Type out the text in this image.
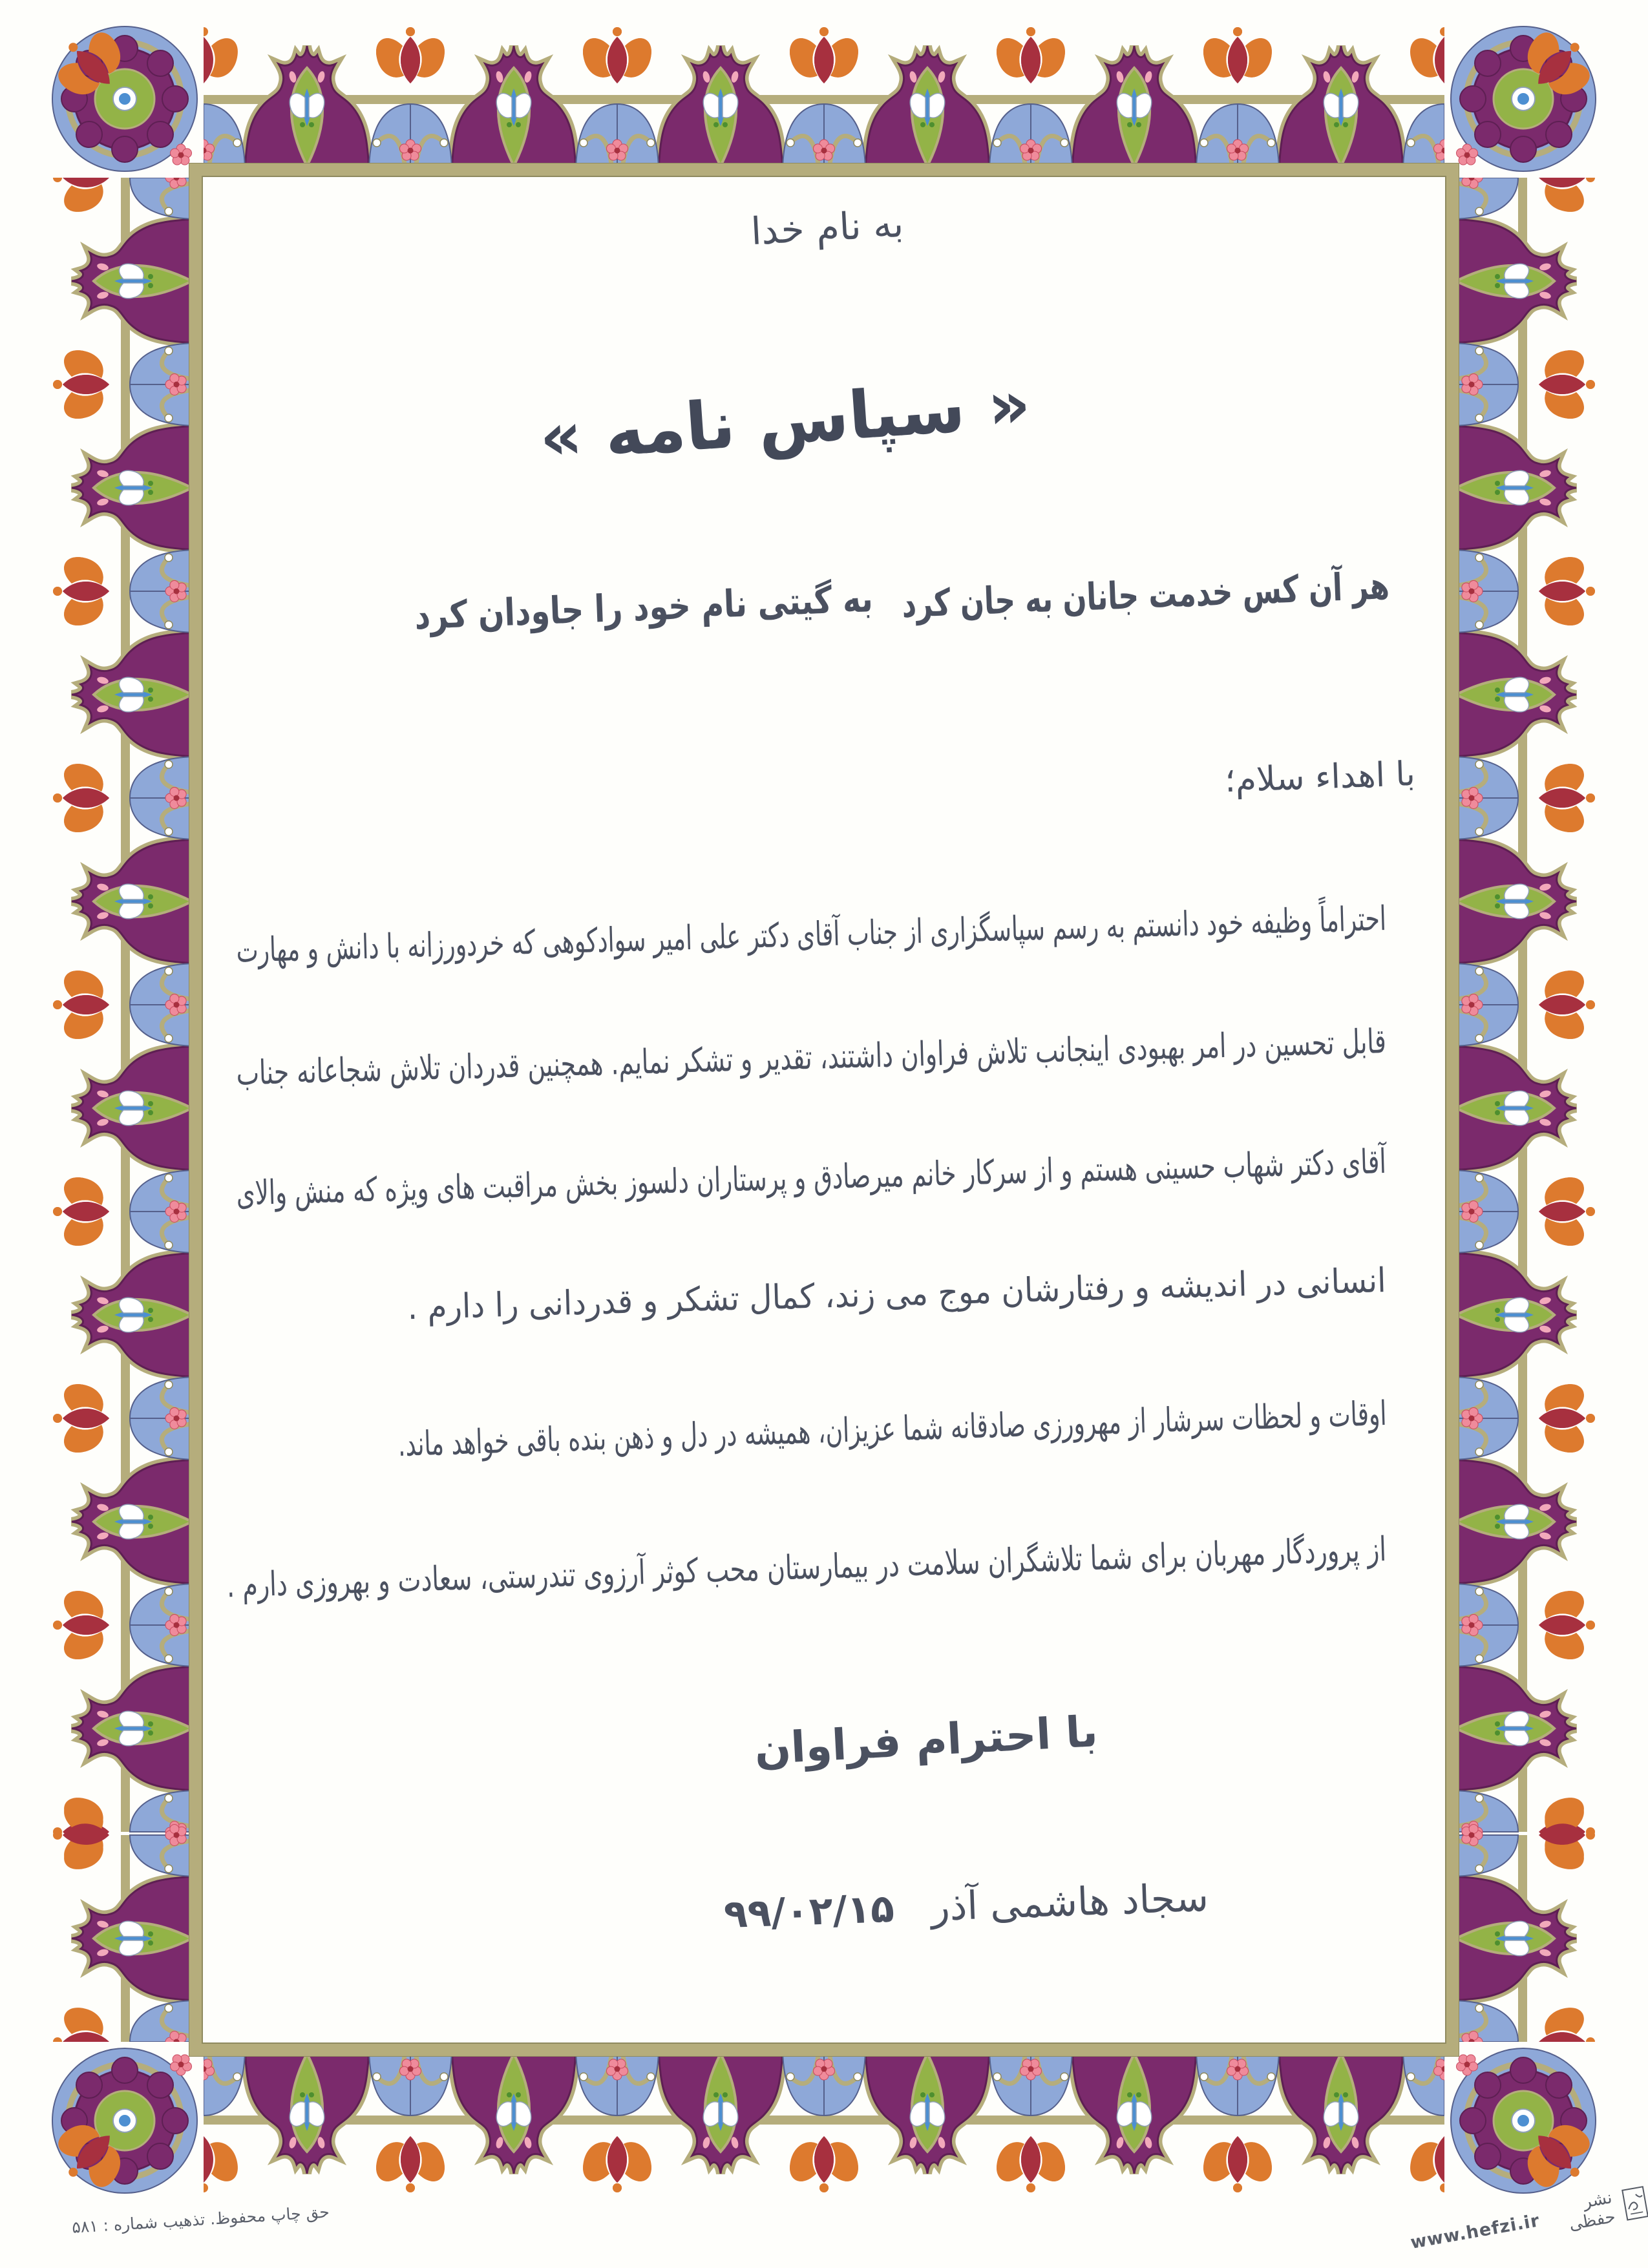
به نام خدا
« سپاس نامه »
هر آن کس خدمت جانان به جان کرد
به گیتی نام خود را جاودان کرد
با اهداء سلام؛
احتراماً وظیفه خود دانستم به رسم سپاسگزاری از جناب آقای دکتر علی امیر سوادکوهی که خردورزانه با دانش و مهارت
قابل تحسین در امر بهبودی اینجانب تلاش فراوان داشتند، تقدیر و تشکر نمایم. همچنین قدردان تلاش شجاعانه جناب
آقای دکتر شهاب حسینی هستم و از سرکار خانم میرصادق و پرستاران دلسوز بخش مراقبت های ویژه که منش والای
انسانی در اندیشه و رفتارشان موج می زند، کمال تشکر و قدردانی را دارم .
اوقات و لحظات سرشار از مهرورزی صادقانه شما عزیزان، همیشه در دل و ذهن بنده باقی خواهد ماند.
از پروردگار مهربان برای شما تلاشگران سلامت در بیمارستان محب کوثر آرزوی تندرستی، سعادت و بهروزی دارم .
با احترام فراوان
سجاد هاشمی آذر
۹۹/۰۲/۱۵
حق چاپ محفوظ. تذهیب شماره : ۵۸۱	www.hefzi.ir
نشر حفظی
